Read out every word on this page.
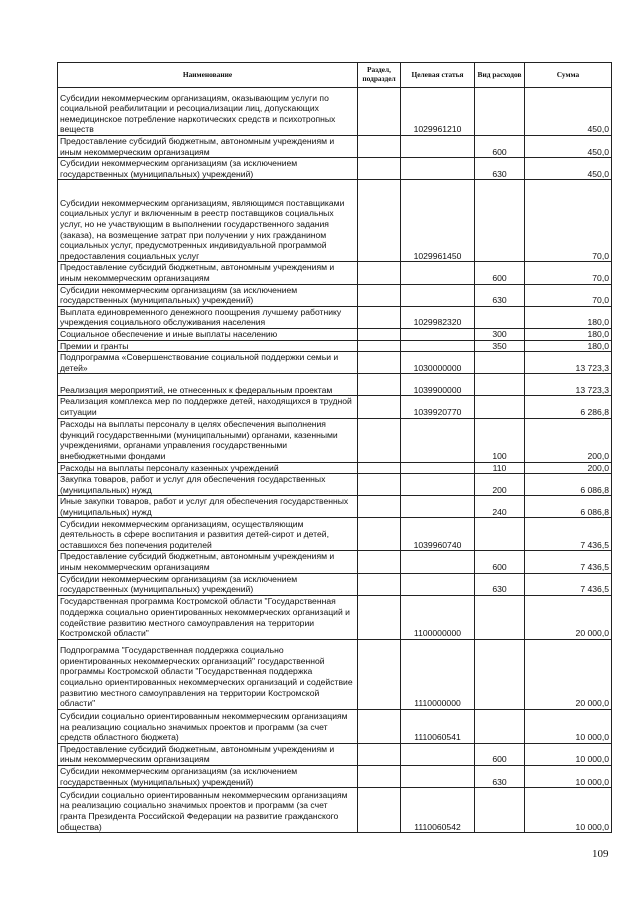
Наименование	Раздел, подраздел	Целевая статья	Вид расходов	Сумма
Субсидии некоммерческим организациям, оказывающим услуги по социальной реабилитации и ресоциализации лиц, допускающих немедицинское потребление наркотических средств и психотропных веществ		1029961210		450,0
Предоставление субсидий бюджетным, автономным учреждениям и иным некоммерческим организациям			600	450,0
Субсидии некоммерческим организациям (за исключением государственных (муниципальных) учреждений)			630	450,0
Субсидии некоммерческим организациям, являющимся поставщиками социальных услуг и включенным в реестр поставщиков социальных услуг, но не участвующим в выполнении государственного задания (заказа), на возмещение затрат при получении у них гражданином социальных услуг, предусмотренных индивидуальной программой предоставления социальных услуг		1029961450		70,0
Предоставление субсидий бюджетным, автономным учреждениям и иным некоммерческим организациям			600	70,0
Субсидии некоммерческим организациям (за исключением государственных (муниципальных) учреждений)			630	70,0
Выплата единовременного денежного поощрения лучшему работнику учреждения социального обслуживания населения		1029982320		180,0
Социальное обеспечение и иные выплаты населению			300	180,0
Премии и гранты			350	180,0
Подпрограмма «Совершенствование социальной поддержки семьи и детей»		1030000000		13 723,3
Реализация мероприятий, не отнесенных к федеральным проектам		1039900000		13 723,3
Реализация комплекса мер по поддержке детей, находящихся в трудной ситуации		1039920770		6 286,8
Расходы на выплаты персоналу в целях обеспечения выполнения функций государственными (муниципальными) органами, казенными учреждениями, органами управления государственными внебюджетными фондами			100	200,0
Расходы на выплаты персоналу казенных учреждений			110	200,0
Закупка товаров, работ и услуг для обеспечения государственных (муниципальных) нужд			200	6 086,8
Иные закупки товаров, работ и услуг для обеспечения государственных (муниципальных) нужд			240	6 086,8
Субсидии некоммерческим организациям, осуществляющим деятельность в сфере воспитания и развития детей-сирот и детей, оставшихся без попечения родителей		1039960740		7 436,5
Предоставление субсидий бюджетным, автономным учреждениям и иным некоммерческим организациям			600	7 436,5
Субсидии некоммерческим организациям (за исключением государственных (муниципальных) учреждений)			630	7 436,5
Государственная программа Костромской области "Государственная поддержка социально ориентированных некоммерческих организаций и содействие развитию местного самоуправления на территории Костромской области"		1100000000		20 000,0
Подпрограмма "Государственная поддержка социально ориентированных некоммерческих организаций" государственной программы Костромской области "Государственная поддержка социально ориентированных некоммерческих организаций и содействие развитию местного самоуправления на территории Костромской области"		1110000000		20 000,0
Субсидии социально ориентированным некоммерческим организациям на реализацию социально значимых проектов и программ (за счет средств областного бюджета)		1110060541		10 000,0
Предоставление субсидий бюджетным, автономным учреждениям и иным некоммерческим организациям			600	10 000,0
Субсидии некоммерческим организациям (за исключением государственных (муниципальных) учреждений)			630	10 000,0
Субсидии социально ориентированным некоммерческим организациям на реализацию социально значимых проектов и программ (за счет гранта Президента Российской Федерации на развитие гражданского общества)		1110060542		10 000,0
109
